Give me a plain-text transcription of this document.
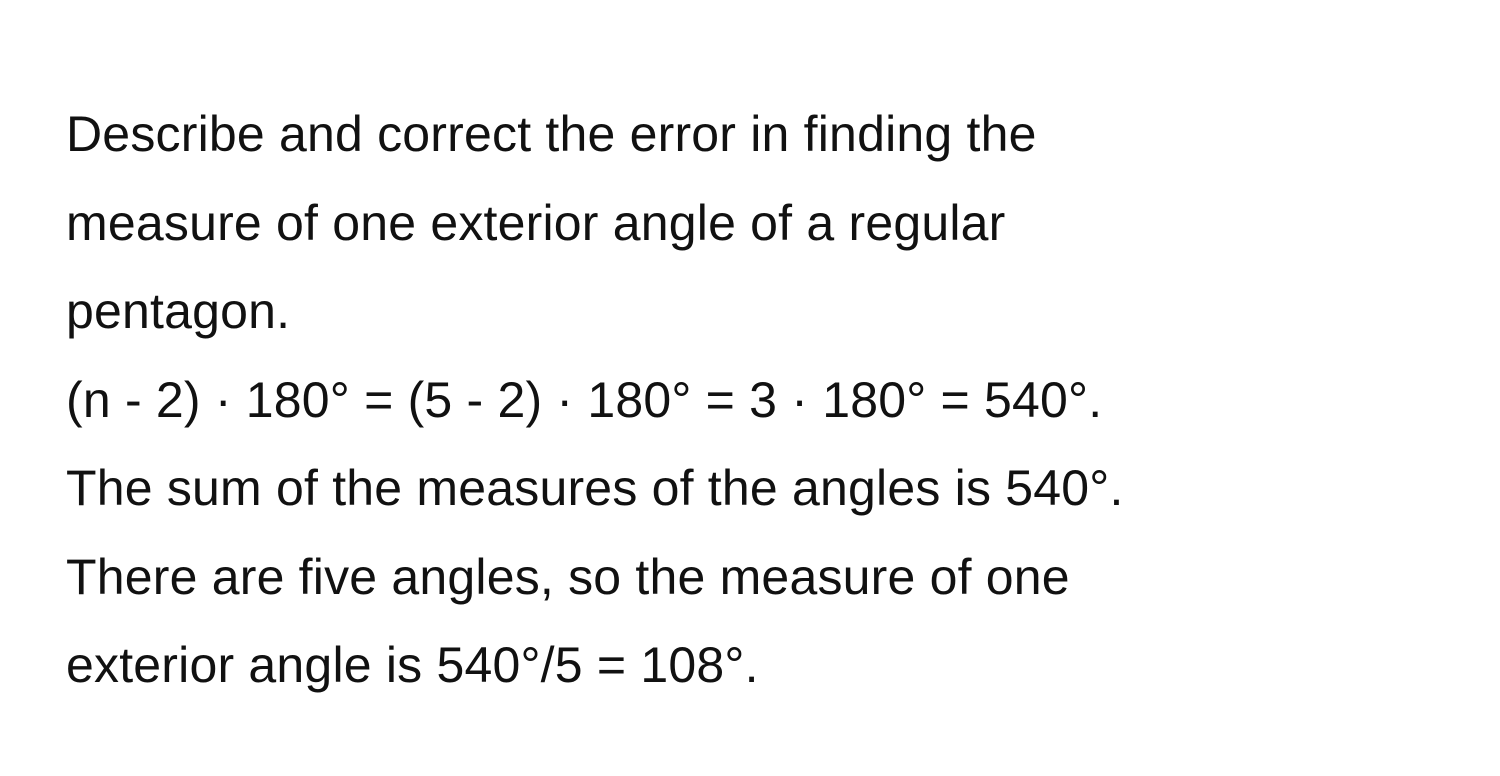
Describe and correct the error in finding the
measure of one exterior angle of a regular
pentagon.
(n - 2) · 180° = (5 - 2) · 180° = 3 · 180° = 540°.
The sum of the measures of the angles is 540°.
There are five angles, so the measure of one
exterior angle is 540°/5 = 108°.
